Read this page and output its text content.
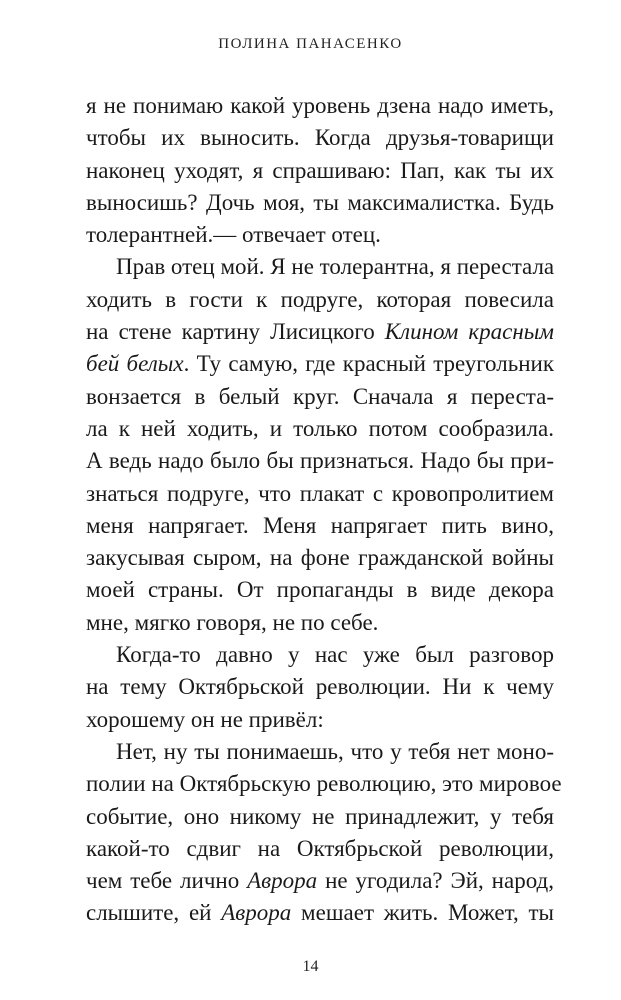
ПОЛИНА ПАНАСЕНКО
я не понимаю какой уровень дзена надо иметь,
чтобы их выносить. Когда друзья-товарищи
наконец уходят, я спрашиваю: Пап, как ты их
выносишь? Дочь моя, ты максималистка. Будь
толерантней.— отвечает отец.
Прав отец мой. Я не толерантна, я перестала
ходить в гости к подруге, которая повесила
на стене картину Лисицкого Клином красным
бей белых. Ту самую, где красный треугольник
вонзается в белый круг. Сначала я переста-
ла к ней ходить, и только потом сообразила.
А ведь надо было бы признаться. Надо бы при-
знаться подруге, что плакат с кровопролитием
меня напрягает. Меня напрягает пить вино,
закусывая сыром, на фоне гражданской войны
моей страны. От пропаганды в виде декора
мне, мягко говоря, не по себе.
Когда-то давно у нас уже был разговор
на тему Октябрьской революции. Ни к чему
хорошему он не привёл:
Нет, ну ты понимаешь, что у тебя нет моно-
полии на Октябрьскую революцию, это мировое
событие, оно никому не принадлежит, у тебя
какой-то сдвиг на Октябрьской революции,
чем тебе лично Аврора не угодила? Эй, народ,
слышите, ей Аврора мешает жить. Может, ты
14
